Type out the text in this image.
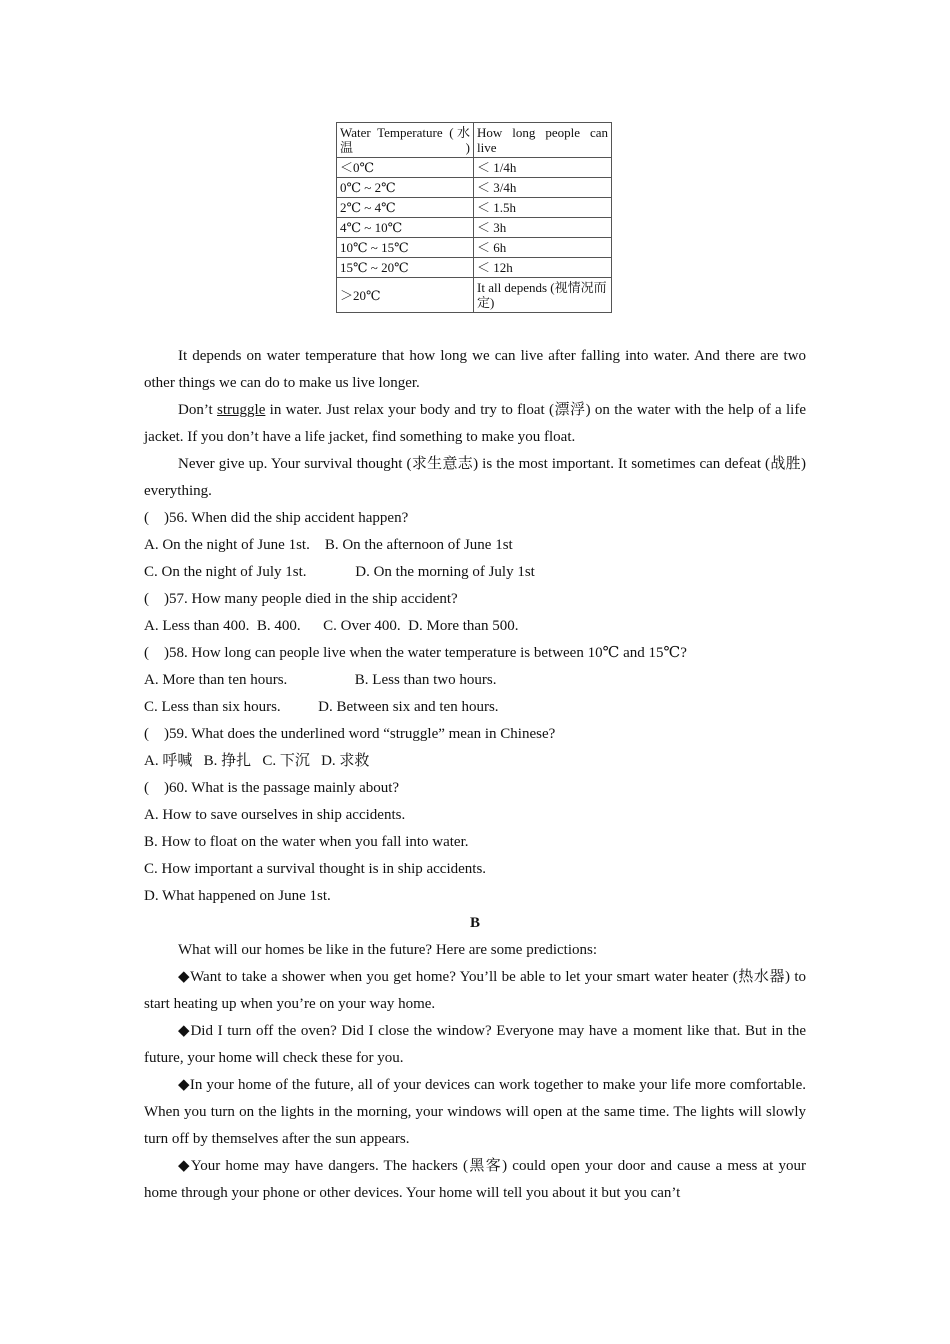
Water Temperature (水温)	How long people can live
＜0℃	＜ 1/4h
0℃ ~ 2℃	＜ 3/4h
2℃ ~ 4℃	＜ 1.5h
4℃ ~ 10℃	＜ 3h
10℃ ~ 15℃	＜ 6h
15℃ ~ 20℃	＜ 12h
＞20℃	It all depends (视情况而定)

It depends on water temperature that how long we can live after falling into water. And there are two other things we can do to make us live longer.

Don’t struggle in water. Just relax your body and try to float (漂浮) on the water with the help of a life jacket. If you don’t have a life jacket, find something to make you float.

Never give up. Your survival thought (求生意志) is the most important. It sometimes can defeat (战胜) everything.

(    )56. When did the ship accident happen?

A. On the night of June 1st.    B. On the afternoon of June 1st

C. On the night of July 1st.             D. On the morning of July 1st

(    )57. How many people died in the ship accident?

A. Less than 400.  B. 400.      C. Over 400.  D. More than 500.

(    )58. How long can people live when the water temperature is between 10℃ and 15℃?

A. More than ten hours.                  B. Less than two hours.

C. Less than six hours.          D. Between six and ten hours.

(    )59. What does the underlined word “struggle” mean in Chinese?

A. 呼喊   B. 挣扎   C. 下沉   D. 求救

(    )60. What is the passage mainly about?

A. How to save ourselves in ship accidents.

B. How to float on the water when you fall into water.

C. How important a survival thought is in ship accidents.

D. What happened on June 1st.

B

What will our homes be like in the future? Here are some predictions:

◆Want to take a shower when you get home? You’ll be able to let your smart water heater (热水器) to start heating up when you’re on your way home.

◆Did I turn off the oven? Did I close the window? Everyone may have a moment like that. But in the future, your home will check these for you.

◆In your home of the future, all of your devices can work together to make your life more comfortable. When you turn on the lights in the morning, your windows will open at the same time. The lights will slowly turn off by themselves after the sun appears.

◆Your home may have dangers. The hackers (黑客) could open your door and cause a mess at your home through your phone or other devices. Your home will tell you about it but you can’t
